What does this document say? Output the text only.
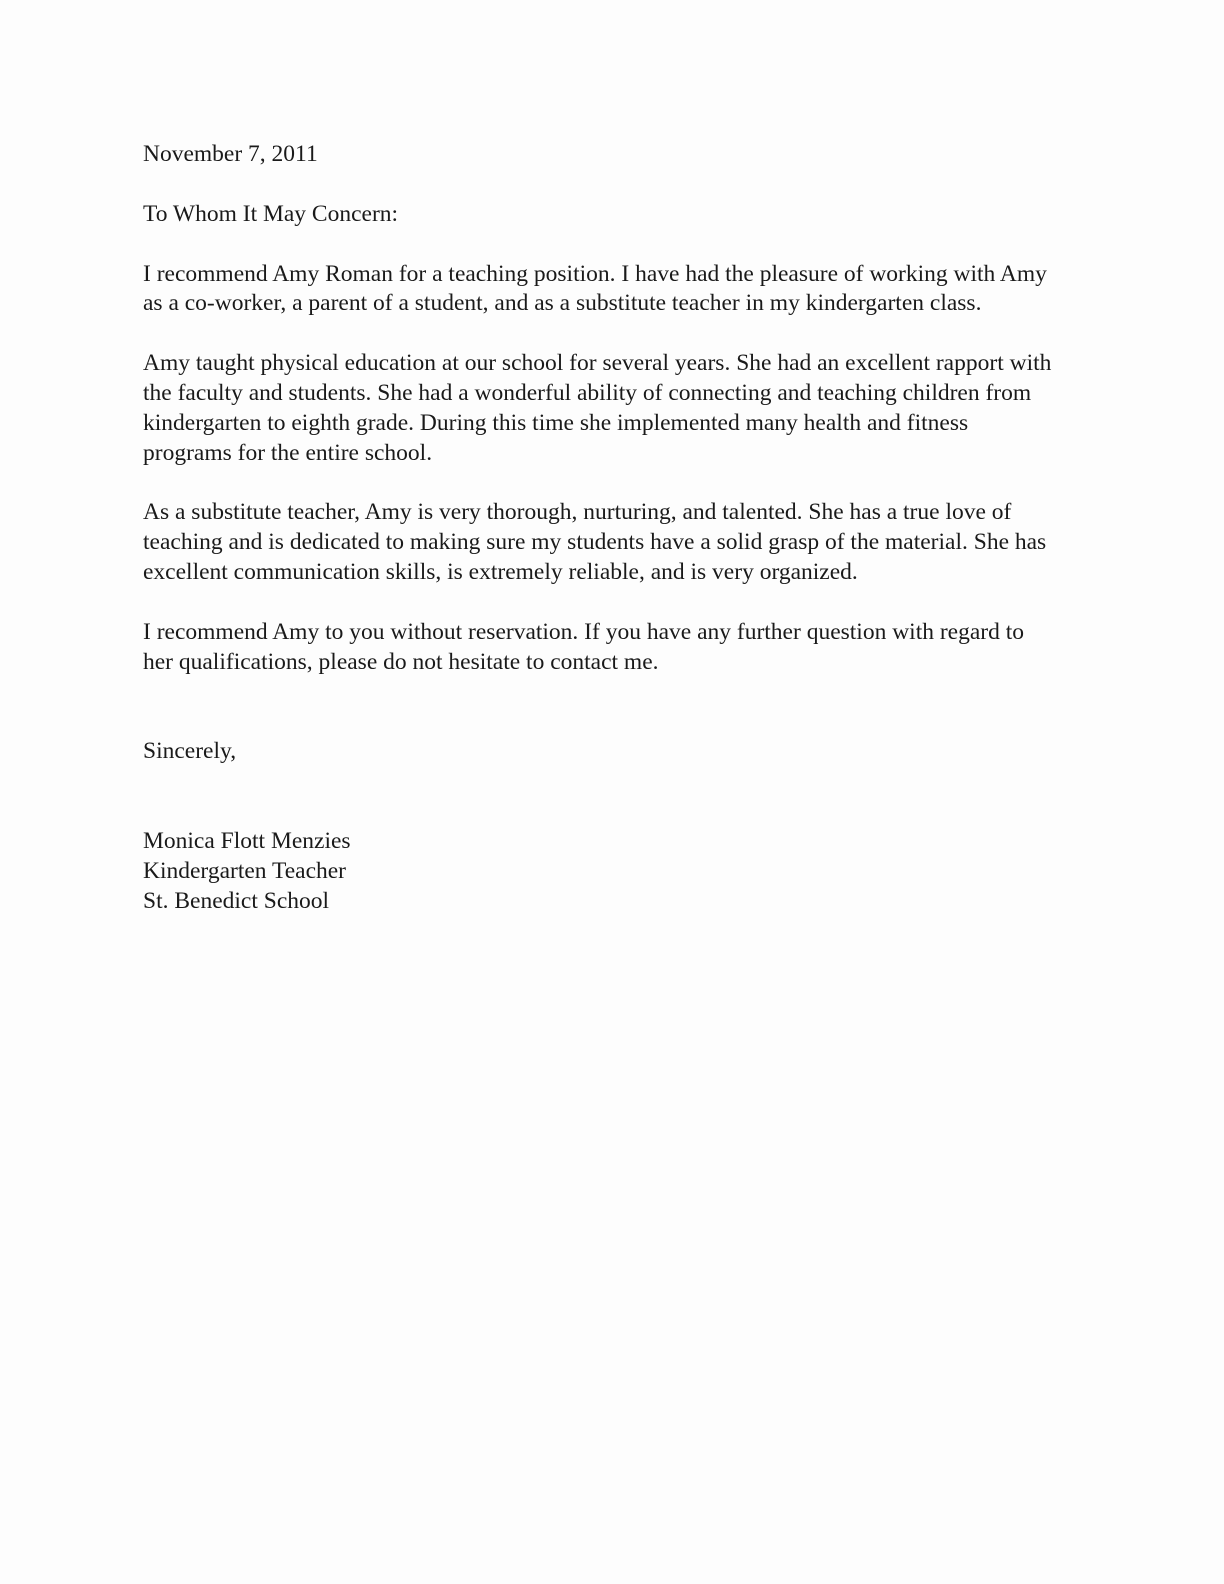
November 7, 2011
To Whom It May Concern:
I recommend Amy Roman for a teaching position. I have had the pleasure of working with Amy
as a co-worker, a parent of a student, and as a substitute teacher in my kindergarten class.
Amy taught physical education at our school for several years. She had an excellent rapport with
the faculty and students. She had a wonderful ability of connecting and teaching children from
kindergarten to eighth grade. During this time she implemented many health and fitness
programs for the entire school.
As a substitute teacher, Amy is very thorough, nurturing, and talented. She has a true love of
teaching and is dedicated to making sure my students have a solid grasp of the material. She has
excellent communication skills, is extremely reliable, and is very organized.
I recommend Amy to you without reservation. If you have any further question with regard to
her qualifications, please do not hesitate to contact me.
Sincerely,
Monica Flott Menzies
Kindergarten Teacher
St. Benedict School
